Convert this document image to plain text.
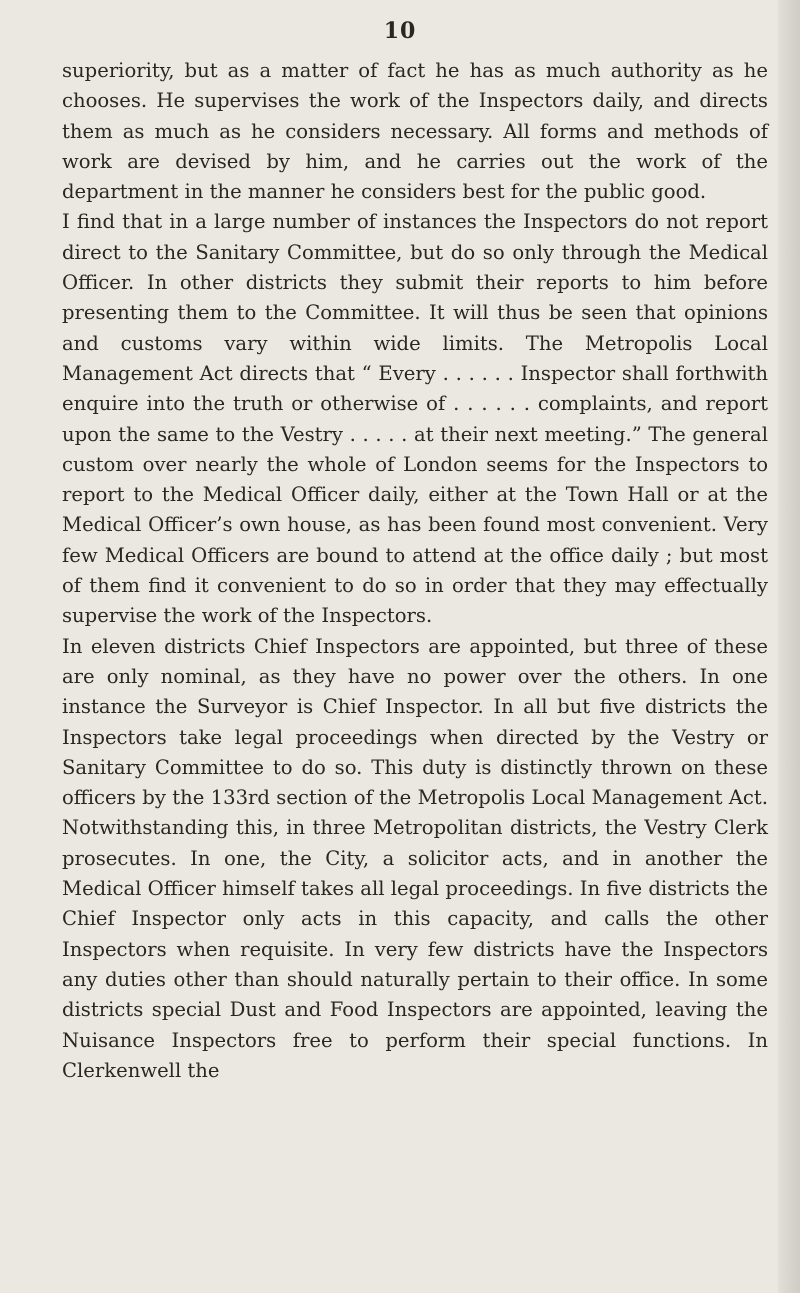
10

superiority, but as a matter of fact he has as much authority as he chooses. He supervises the work of the Inspectors daily, and directs them as much as he considers necessary. All forms and methods of work are devised by him, and he carries out the work of the department in the manner he considers best for the public good.

I find that in a large number of instances the Inspectors do not report direct to the Sanitary Committee, but do so only through the Medical Officer. In other districts they submit their reports to him before presenting them to the Committee. It will thus be seen that opinions and customs vary within wide limits. The Metropolis Local Management Act directs that “ Every . . . . . . Inspector shall forthwith enquire into the truth or otherwise of . . . . . . complaints, and report upon the same to the Vestry . . . . . at their next meeting.” The general custom over nearly the whole of London seems for the Inspectors to report to the Medical Officer daily, either at the Town Hall or at the Medical Officer’s own house, as has been found most convenient. Very few Medical Officers are bound to attend at the office daily ; but most of them find it convenient to do so in order that they may effectually supervise the work of the Inspectors.

In eleven districts Chief Inspectors are appointed, but three of these are only nominal, as they have no power over the others. In one instance the Surveyor is Chief Inspector. In all but five districts the Inspectors take legal proceedings when directed by the Vestry or Sanitary Committee to do so. This duty is distinctly thrown on these officers by the 133rd section of the Metropolis Local Management Act. Notwithstanding this, in three Metropolitan districts, the Vestry Clerk prosecutes. In one, the City, a solicitor acts, and in another the Medical Officer himself takes all legal proceedings. In five districts the Chief Inspector only acts in this capacity, and calls the other Inspectors when requisite. In very few districts have the Inspectors any duties other than should naturally pertain to their office. In some districts special Dust and Food Inspectors are appointed, leaving the Nuisance Inspectors free to perform their special functions. In Clerkenwell the
